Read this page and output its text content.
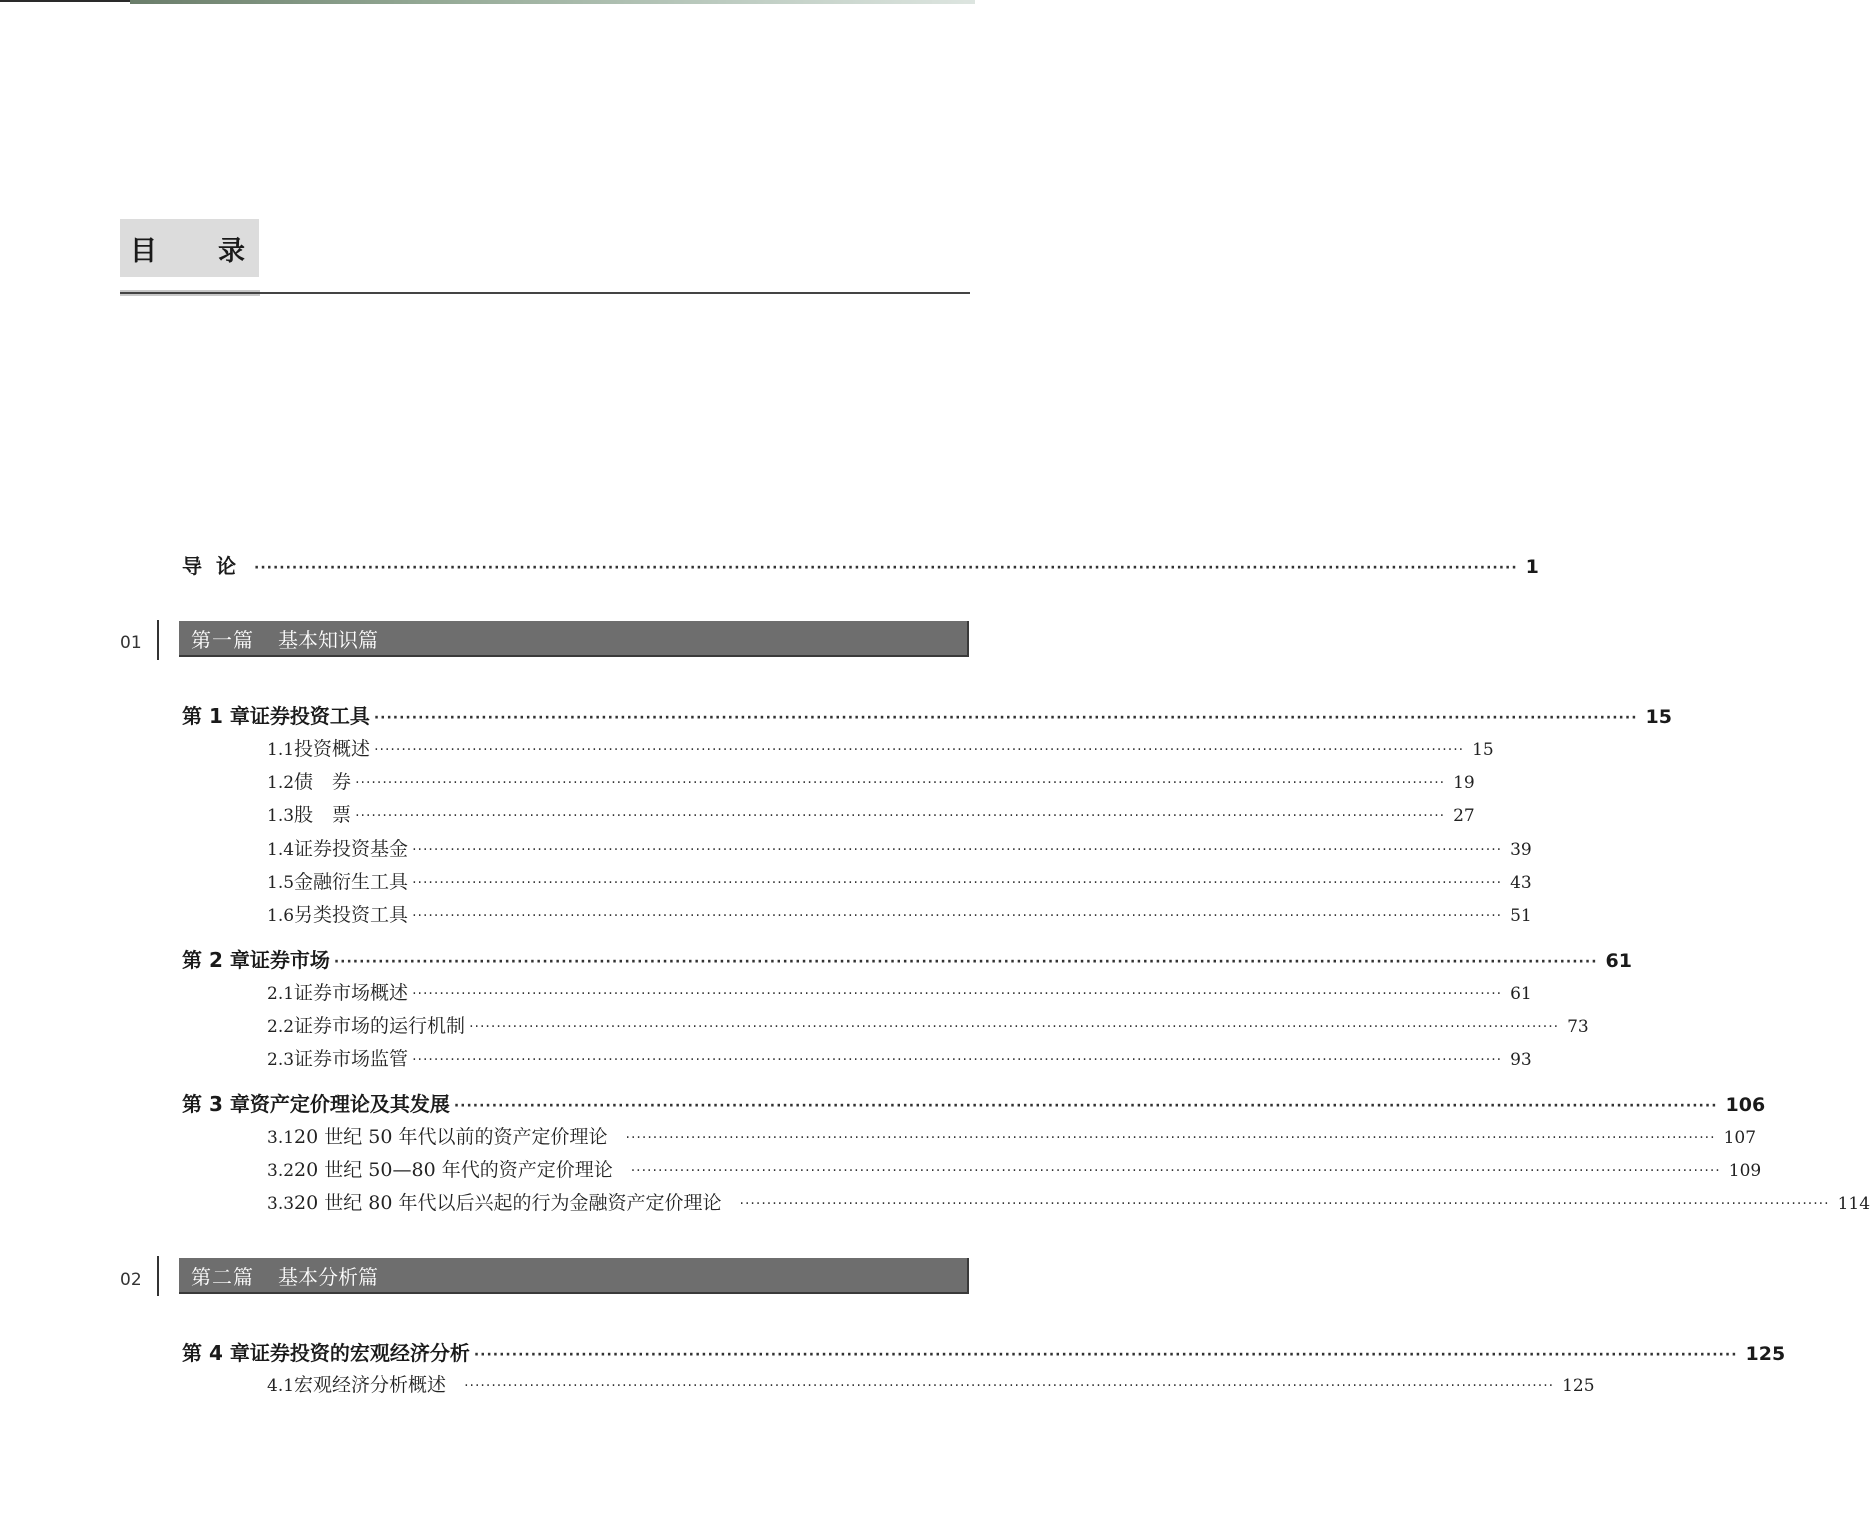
目 录
导论 ········································································································································································································ 1
01 第一篇 基本知识篇
第 1 章 证券投资工具 ········································································································································································································ 15
1.1 投资概述 ········································································································································································································ 15
1.2 债　券 ········································································································································································································ 19
1.3 股　票 ········································································································································································································ 27
1.4 证券投资基金 ········································································································································································································ 39
1.5 金融衍生工具 ········································································································································································································ 43
1.6 另类投资工具 ········································································································································································································ 51
第 2 章 证券市场 ········································································································································································································ 61
2.1 证券市场概述 ········································································································································································································ 61
2.2 证券市场的运行机制 ········································································································································································································ 73
2.3 证券市场监管 ········································································································································································································ 93
第 3 章 资产定价理论及其发展 ········································································································································································································ 106
3.1 20 世纪 50 年代以前的资产定价理论 ········································································································································································································ 107
3.2 20 世纪 50—80 年代的资产定价理论 ········································································································································································································ 109
3.3 20 世纪 80 年代以后兴起的行为金融资产定价理论 ········································································································································································································ 114
02 第二篇 基本分析篇
第 4 章 证券投资的宏观经济分析 ········································································································································································································ 125
4.1 宏观经济分析概述 ········································································································································································································ 125
